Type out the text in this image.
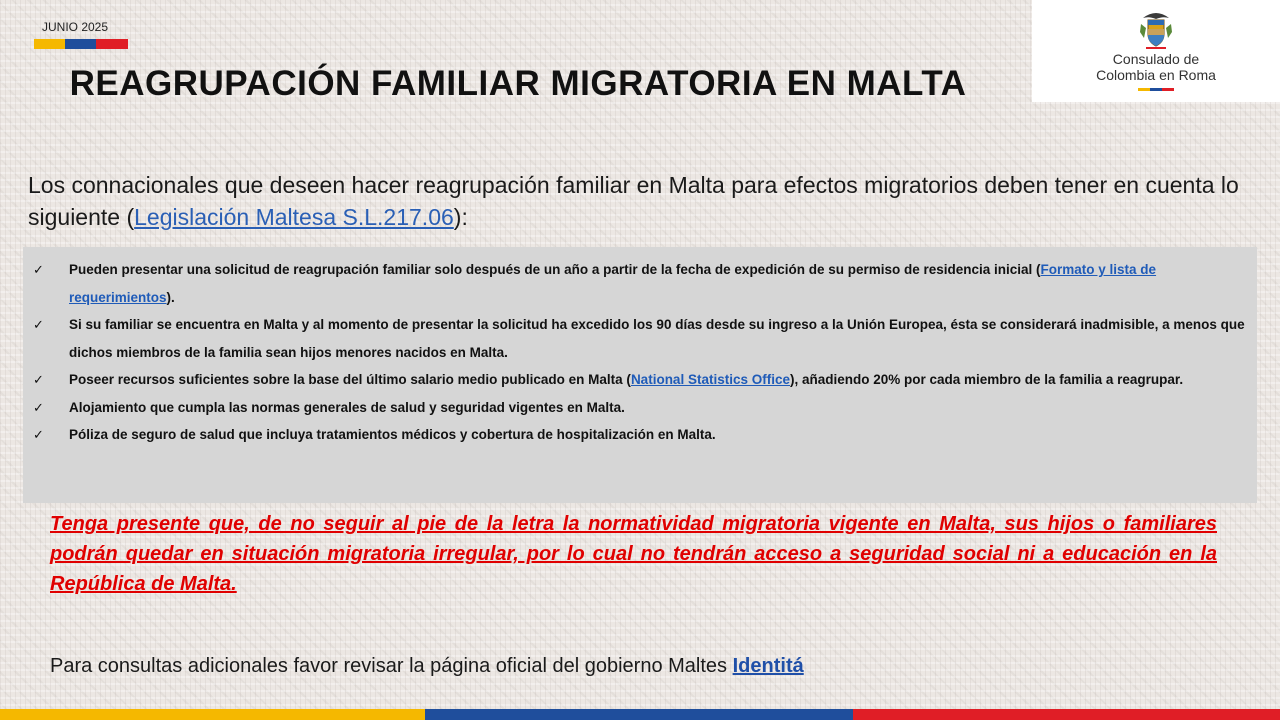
JUNIO 2025
REAGRUPACIÓN FAMILIAR MIGRATORIA EN MALTA
Consulado de
Colombia en Roma
Los connacionales que deseen hacer reagrupación familiar en Malta para efectos migratorios deben tener en cuenta lo siguiente (Legislación Maltesa S.L.217.06):
✓ Pueden presentar una solicitud de reagrupación familiar solo después de un año a partir de la fecha de expedición de su permiso de residencia inicial (Formato y lista de requerimientos).
✓ Si su familiar se encuentra en Malta y al momento de presentar la solicitud ha excedido los 90 días desde su ingreso a la Unión Europea, ésta se considerará inadmisible, a menos que dichos miembros de la familia sean hijos menores nacidos en Malta.
✓ Poseer recursos suficientes sobre la base del último salario medio publicado en Malta (National Statistics Office), añadiendo 20% por cada miembro de la familia a reagrupar.
✓ Alojamiento que cumpla las normas generales de salud y seguridad vigentes en Malta.
✓ Póliza de seguro de salud que incluya tratamientos médicos y cobertura de hospitalización en Malta.
Tenga presente que, de no seguir al pie de la letra la normatividad migratoria vigente en Malta, sus hijos o familiares podrán quedar en situación migratoria irregular, por lo cual no tendrán acceso a seguridad social ni a educación en la República de Malta.
Para consultas adicionales favor revisar la página oficial del gobierno Maltes Identitá
